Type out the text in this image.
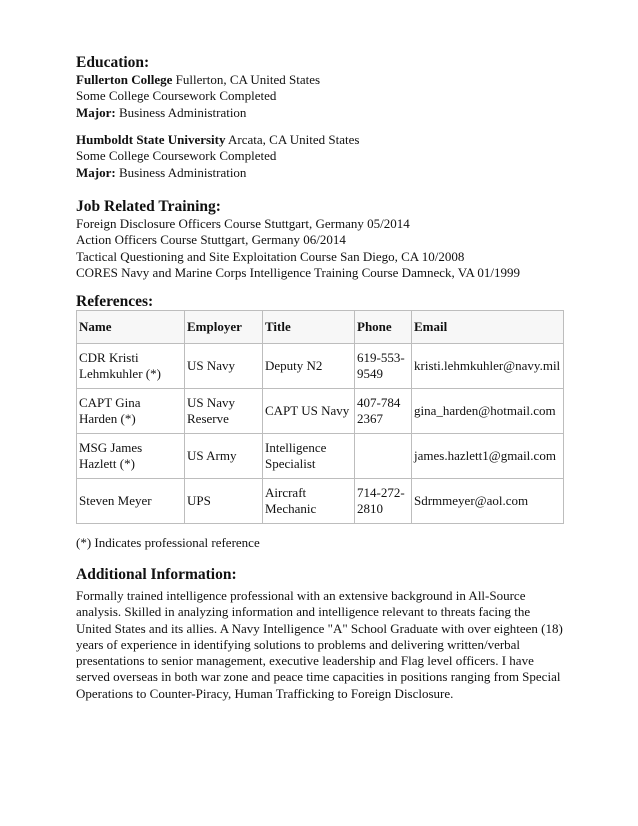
Education:
Fullerton College Fullerton, CA United States
Some College Coursework Completed
Major: Business Administration
Humboldt State University Arcata, CA United States
Some College Coursework Completed
Major: Business Administration
Job Related Training:
Foreign Disclosure Officers Course Stuttgart, Germany 05/2014
Action Officers Course Stuttgart, Germany 06/2014
Tactical Questioning and Site Exploitation Course San Diego, CA 10/2008
CORES Navy and Marine Corps Intelligence Training Course Damneck, VA 01/1999
References:
Name	Employer	Title	Phone	Email
CDR Kristi Lehmkuhler (*)	US Navy	Deputy N2	619-553-9549	kristi.lehmkuhler@navy.mil
CAPT Gina Harden (*)	US Navy Reserve	CAPT US Navy	407-784 2367	gina_harden@hotmail.com
MSG James Hazlett (*)	US Army	Intelligence Specialist		james.hazlett1@gmail.com
Steven Meyer	UPS	Aircraft Mechanic	714-272-2810	Sdrmmeyer@aol.com
(*) Indicates professional reference
Additional Information:
Formally trained intelligence professional with an extensive background in All-Source analysis. Skilled in analyzing information and intelligence relevant to threats facing the United States and its allies. A Navy Intelligence "A" School Graduate with over eighteen (18) years of experience in identifying solutions to problems and delivering written/verbal presentations to senior management, executive leadership and Flag level officers. I have served overseas in both war zone and peace time capacities in positions ranging from Special Operations to Counter-Piracy, Human Trafficking to Foreign Disclosure.
